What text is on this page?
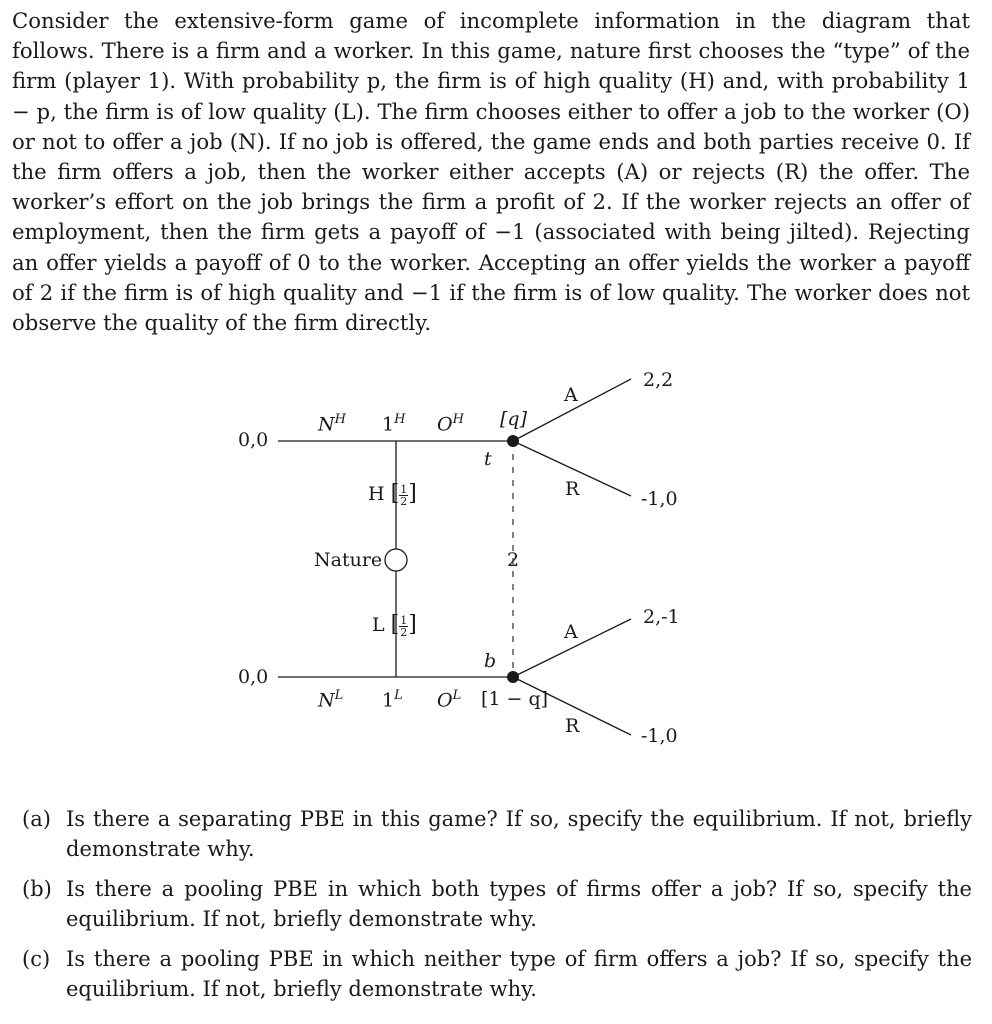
Consider the extensive-form game of incomplete information in the diagram that follows. There is a firm and a worker. In this game, nature first chooses the “type” of the firm (player 1). With probability p, the firm is of high quality (H) and, with probability 1 − p, the firm is of low quality (L). The firm chooses either to offer a job to the worker (O) or not to offer a job (N). If no job is offered, the game ends and both parties receive 0. If the firm offers a job, then the worker either accepts (A) or rejects (R) the offer. The worker’s effort on the job brings the firm a profit of 2. If the worker rejects an offer of employment, then the firm gets a payoff of −1 (associated with being jilted). Rejecting an offer yields a payoff of 0 to the worker. Accepting an offer yields the worker a payoff of 2 if the firm is of high quality and −1 if the firm is of low quality. The worker does not observe the quality of the firm directly.

0,0
0,0
$N^H$ $1^H$ $O^H$ [q]
t
H [ $\frac{1}{2}$ ]
Nature	2
L [ $\frac{1}{2}$ ]
b
$N^L$ $1^L$ $O^L$ [1 − q]
A
R
A
R
2,2
-1,0
2,-1
-1,0
(a) Is there a separating PBE in this game? If so, specify the equilibrium. If not, briefly demonstrate why.
(b) Is there a pooling PBE in which both types of firms offer a job? If so, specify the equilibrium. If not, briefly demonstrate why.
(c) Is there a pooling PBE in which neither type of firm offers a job? If so, specify the equilibrium. If not, briefly demonstrate why.
